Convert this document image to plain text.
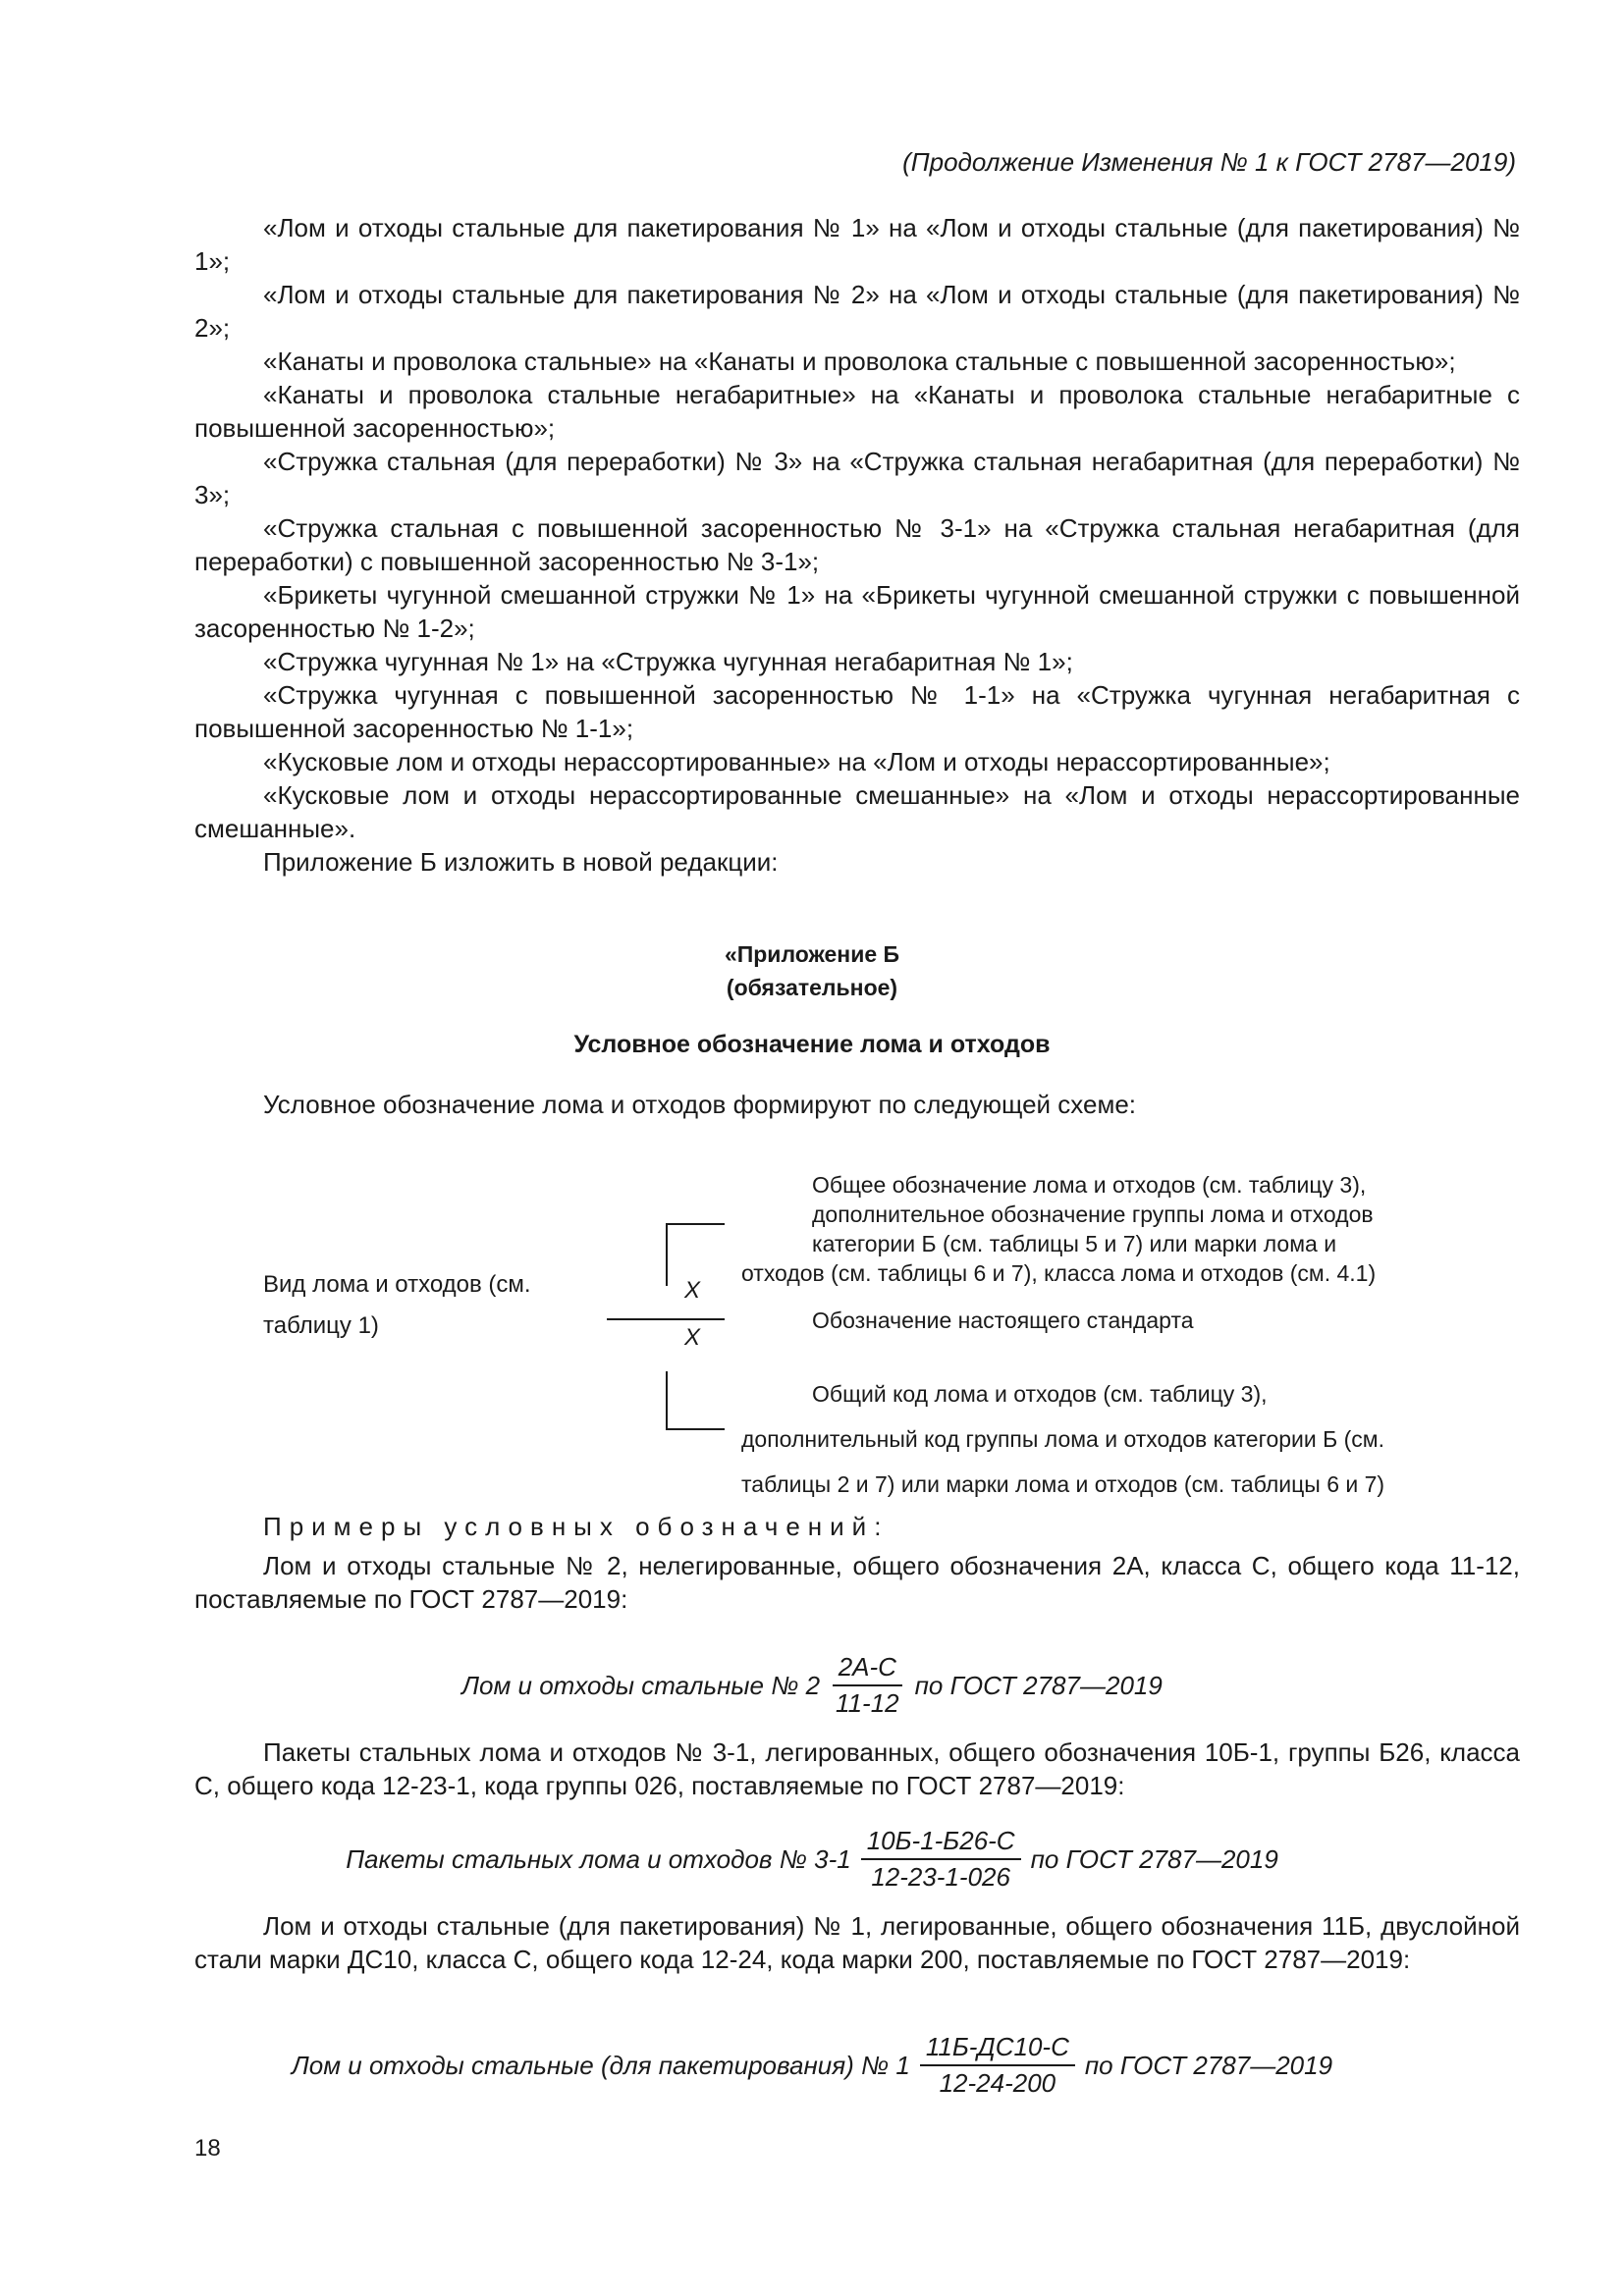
(Продолжение Изменения № 1 к ГОСТ 2787—2019)

«Лом и отходы стальные для пакетирования № 1» на «Лом и отходы стальные (для пакетирования) № 1»;

«Лом и отходы стальные для пакетирования № 2» на «Лом и отходы стальные (для пакетирования) № 2»;

«Канаты и проволока стальные» на «Канаты и проволока стальные с повышенной засоренностью»;

«Канаты и проволока стальные негабаритные» на «Канаты и проволока стальные негабаритные с повышенной засоренностью»;

«Стружка стальная (для переработки) № 3» на «Стружка стальная негабаритная (для переработки) № 3»;

«Стружка стальная с повышенной засоренностью № 3-1» на «Стружка стальная негабаритная (для переработки) с повышенной засоренностью № 3-1»;

«Брикеты чугунной смешанной стружки № 1» на «Брикеты чугунной смешанной стружки с повышенной засоренностью № 1-2»;

«Стружка чугунная № 1» на «Стружка чугунная негабаритная № 1»;

«Стружка чугунная с повышенной засоренностью № 1-1» на «Стружка чугунная негабаритная с повышенной засоренностью № 1-1»;

«Кусковые лом и отходы нерассортированные» на «Лом и отходы нерассортированные»;

«Кусковые лом и отходы нерассортированные смешанные» на «Лом и отходы нерассортированные смешанные».

Приложение Б изложить в новой редакции:

«Приложение Б
(обязательное)
Условное обозначение лома и отходов
Условное обозначение лома и отходов формируют по следующей схеме:
Вид лома и отходов (см.
таблицу 1)
X
X
Общее обозначение лома и отходов (см. таблицу 3),
дополнительное обозначение группы лома и отходов
категории Б (см. таблицы 5 и 7) или марки лома и
отходов (см. таблицы 6 и 7), класса лома и отходов (см. 4.1)
Обозначение настоящего стандарта
Общий код лома и отходов (см. таблицу 3),
дополнительный код группы лома и отходов категории Б (см.
таблицы 2 и 7) или марки лома и отходов (см. таблицы 6 и 7)
Примеры условных обозначений:

Лом и отходы стальные № 2, нелегированные, общего обозначения 2А, класса С, общего кода 11-12, поставляемые по ГОСТ 2787—2019:

Лом и отходы стальные № $2 \frac{2А-С}{11-12}$ по ГОСТ 2787—2019

Пакеты стальных лома и отходов № 3-1, легированных, общего обозначения 10Б-1, группы Б26, класса С, общего кода 12-23-1, кода группы 026, поставляемые по ГОСТ 2787—2019:

Пакеты стальных лома и отходов № $3-1 \frac{10Б-1-Б26-С}{12-23-1-026}$ по ГОСТ 2787—2019

Лом и отходы стальные (для пакетирования) № 1, легированные, общего обозначения 11Б, двуслойной стали марки ДС10, класса С, общего кода 12-24, кода марки 200, поставляемые по ГОСТ 2787—2019:

Лом и отходы стальные (для пакетирования) № $1 \frac{11Б-ДС10-С}{12-24-200}$ по ГОСТ 2787—2019
18
